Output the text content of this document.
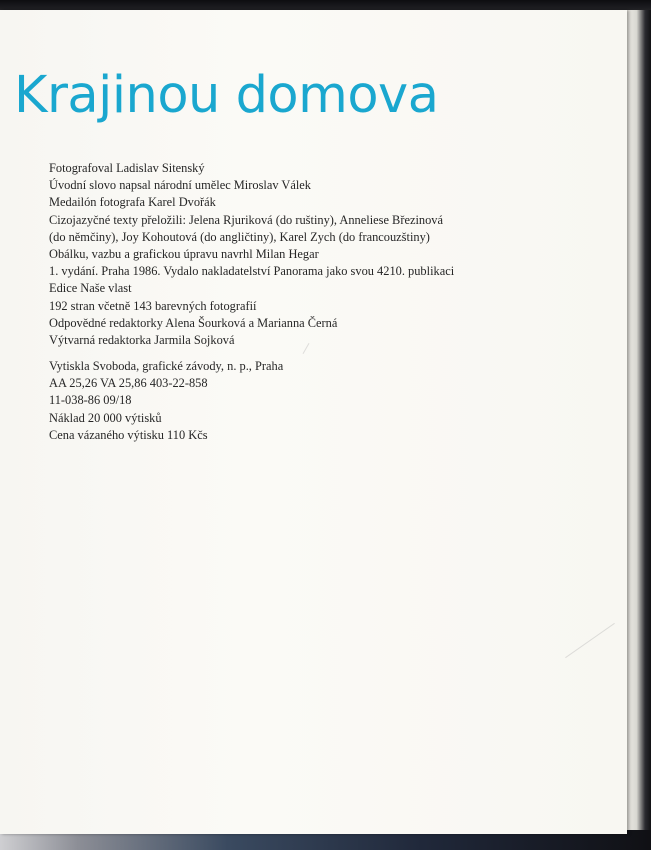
Krajinou domova
Fotografoval Ladislav Sitenský
Úvodní slovo napsal národní umělec Miroslav Válek
Medailón fotografa Karel Dvořák
Cizojazyčné texty přeložili: Jelena Rjuriková (do ruštiny), Anneliese Březinová
(do němčiny), Joy Kohoutová (do angličtiny), Karel Zych (do francouzštiny)
Obálku, vazbu a grafickou úpravu navrhl Milan Hegar
1. vydání. Praha 1986. Vydalo nakladatelství Panorama jako svou 4210. publikaci
Edice Naše vlast
192 stran včetně 143 barevných fotografií
Odpovědné redaktorky Alena Šourková a Marianna Černá
Výtvarná redaktorka Jarmila Sojková
Vytiskla Svoboda, grafické závody, n. p., Praha
AA 25,26 VA 25,86 403-22-858
11-038-86 09/18
Náklad 20 000 výtisků
Cena vázaného výtisku 110 Kčs
